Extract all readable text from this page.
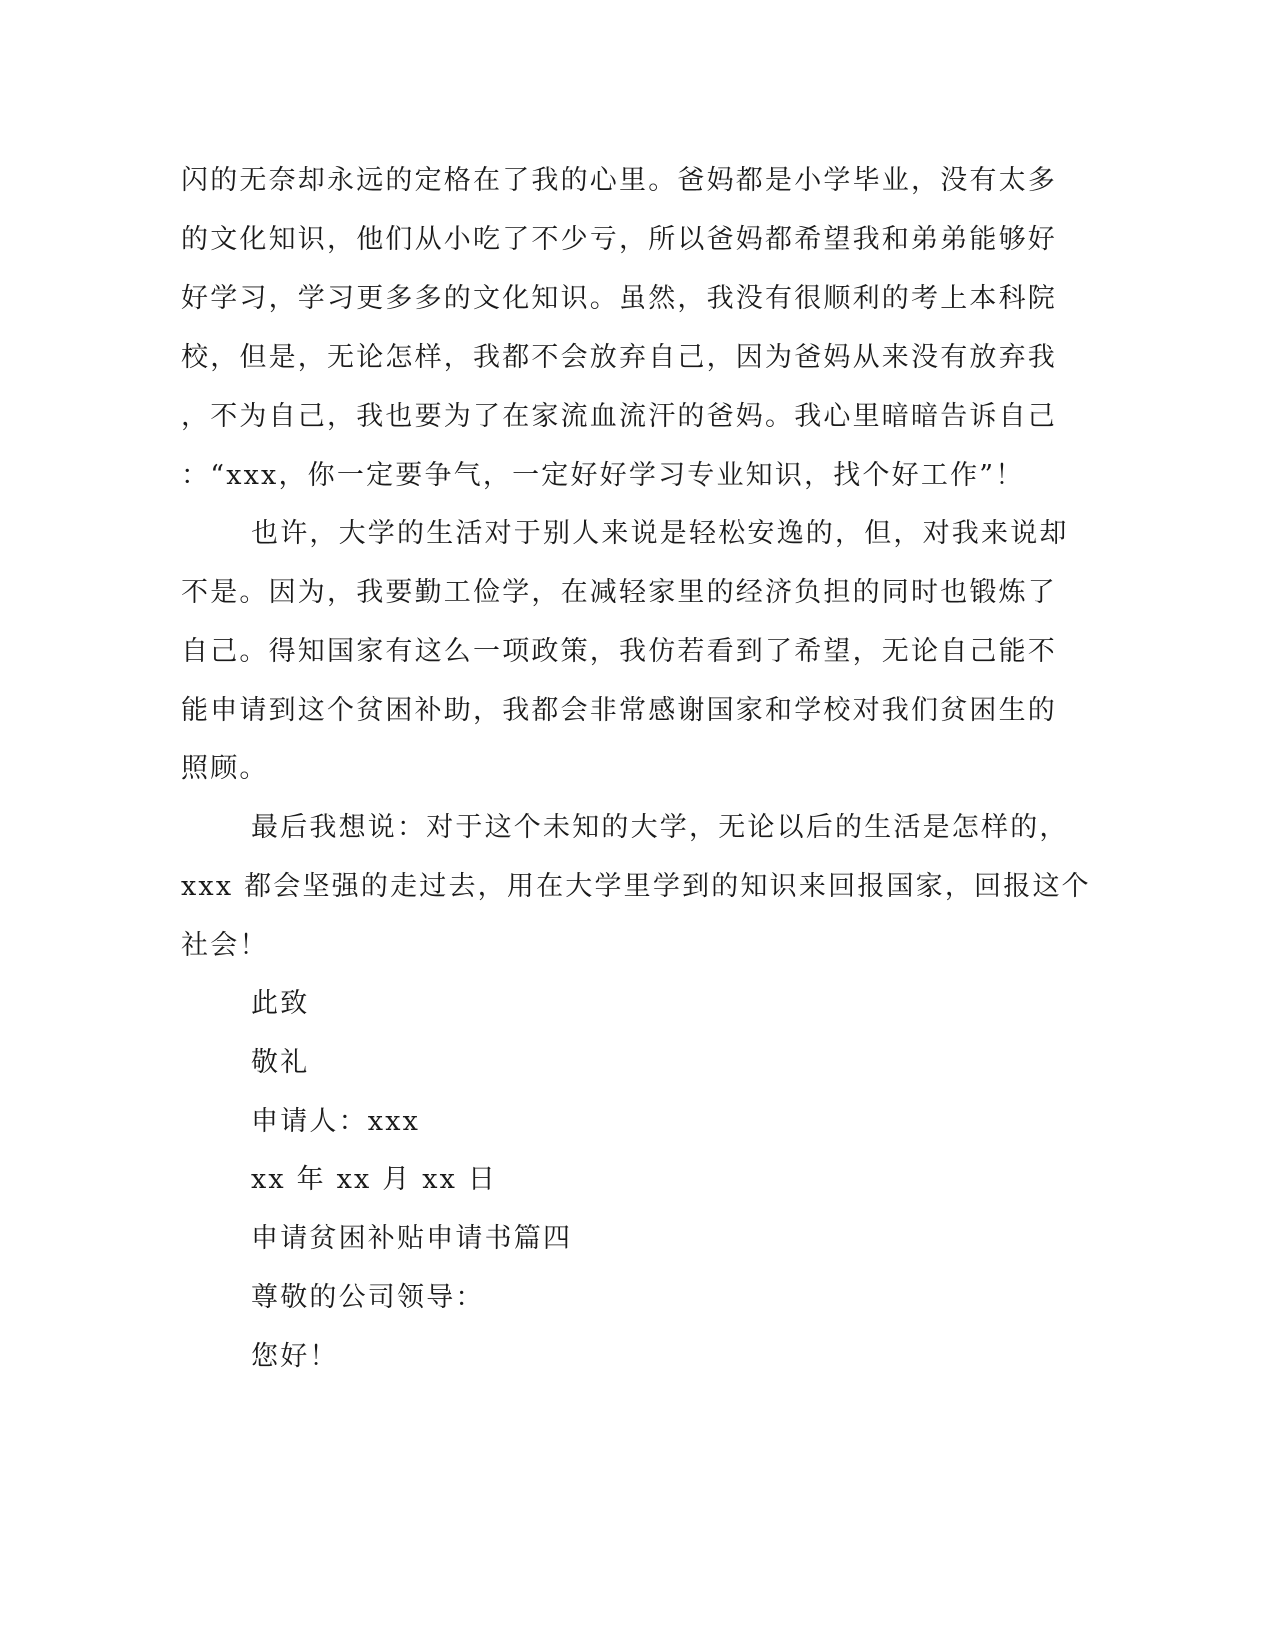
闪的无奈却永远的定格在了我的心里。爸妈都是小学毕业，没有太多
的文化知识，他们从小吃了不少亏，所以爸妈都希望我和弟弟能够好
好学习，学习更多多的文化知识。虽然，我没有很顺利的考上本科院
校，但是，无论怎样，我都不会放弃自己，因为爸妈从来没有放弃我
，不为自己，我也要为了在家流血流汗的爸妈。我心里暗暗告诉自己
：“xxx，你一定要争气，一定好好学习专业知识，找个好工作”！
也许，大学的生活对于别人来说是轻松安逸的，但，对我来说却
不是。因为，我要勤工俭学，在减轻家里的经济负担的同时也锻炼了
自己。得知国家有这么一项政策，我仿若看到了希望，无论自己能不
能申请到这个贫困补助，我都会非常感谢国家和学校对我们贫困生的
照顾。
最后我想说：对于这个未知的大学，无论以后的生活是怎样的，
xxx 都会坚强的走过去，用在大学里学到的知识来回报国家，回报这个
社会！
此致
敬礼
申请人：xxx
xx 年 xx 月 xx 日
申请贫困补贴申请书篇四
尊敬的公司领导：
您好！
